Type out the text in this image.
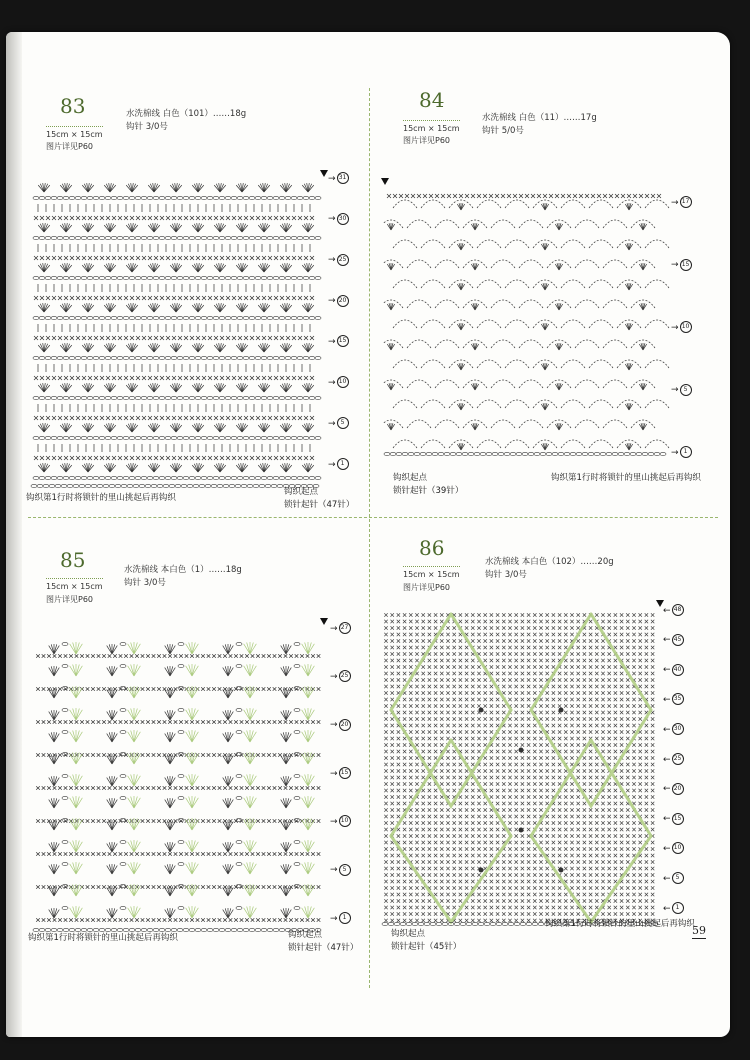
83
15cm × 15cm
图片详见P60
水洗棉线 白色（101）……18g
钩针 3/0号
→ 31
→ 30
→ 25
→ 20
→ 15
→ 10
→ 5
→ 1
钩织第1行时将锁针的里山挑起后再钩织
钩织起点
锁针起针（47针）
84
15cm × 15cm
图片详见P60
水洗棉线 白色（11）……17g
钩针 5/0号
→ 17
→ 15
→ 10
→ 5
→ 1
钩织起点
锁针起针（39针）
钩织第1行时将锁针的里山挑起后再钩织
85
15cm × 15cm
图片详见P60
水洗棉线 本白色（1）……18g
钩针 3/0号
→ 27
→ 25
→ 20
→ 15
→ 10
→ 5
→ 1
钩织第1行时将锁针的里山挑起后再钩织	钩织起点
锁针起针（47针）
86
15cm × 15cm
图片详见P60
水洗棉线 本白色（102）……20g
钩针 3/0号
← 48
← 45
← 40
← 35
← 30
← 25
← 20
← 15
← 10
← 5
← 1
钩织起点
锁针起针（45针）
钩织第1行时将锁针的里山挑起后再钩织
59
